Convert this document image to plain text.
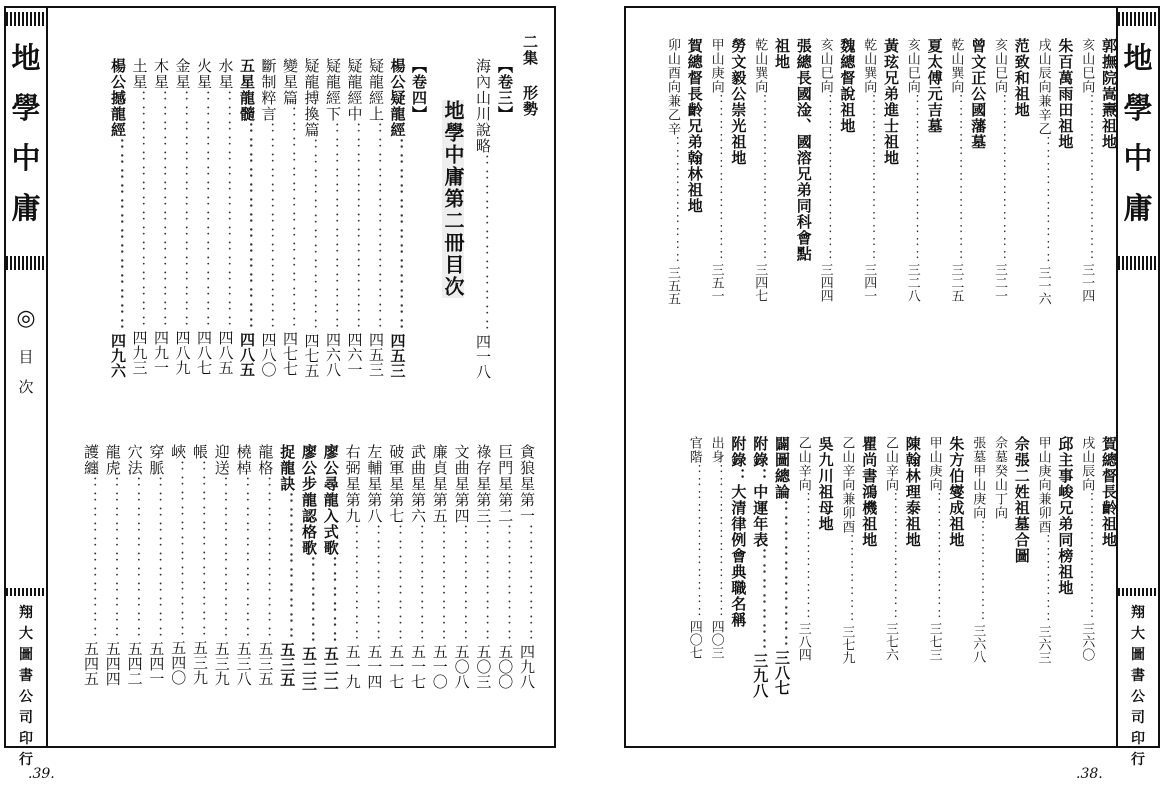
地
學
中
庸
◎
目
次
翔
大
圖
書
公
司
印
行
二集 形勢
地學中庸第二冊目次
【卷三】
海內山川說略：：：：：：：：：：：：四一八
【卷四】
楊公疑龍經：：：：：：：：：：：：：四五三
疑龍經上：：：：：：：：：：：：：：四五三
疑龍經中：：：：：：：：：：：：：：四六一
疑龍經下：：：：：：：：：：：：：：四六八
疑龍搏換篇：：：：：：：：：：：：：四七五
變星篇：：：：：：：：：：：：：：：四七七
斷制粹言：：：：：：：：：：：：：：四八〇
五星龍髓：：：：：：：：：：：：：：四八五
水星：：：：：：：：：：：：：：：：四八五
火星：：：：：：：：：：：：：：：：四八七
金星：：：：：：：：：：：：：：：：四八九
木星：：：：：：：：：：：：：：：：四九一
土星：：：：：：：：：：：：：：：：四九三
楊公撼龍經：：：：：：：：：：：：：四九六
貪狼星第一：：：：：：：：四九八
巨門星第二：：：：：：：：五〇〇
祿存星第三：：：：：：：：五〇三
文曲星第四：：：：：：：：五〇八
廉貞星第五：：：：：：：：五一〇
武曲星第六：：：：：：：：五一七
破軍星第七：：：：：：：：五一七
左輔星第八：：：：：：：：五一四
右弼星第九：：：：：：：：五一九
廖公尋龍入式歌：：：：：：五二二
廖公步龍認格歌：：：：：：五二三
捉龍訣：：：：：：：：：：五三五
龍格：：：：：：：：：：：五三五
橈棹：：：：：：：：：：：五三八
迎送：：：：：：：：：：：五三九
帳：：：：：：：：：：：：五三九
峽：：：：：：：：：：：：五四〇
穿脈：：：：：：：：：：：五四一
穴法：：：：：：：：：：：五四二
龍虎：：：：：：：：：：：五四四
護纏：：：：：：：：：：：五四五
.39.
地
學
中
庸
翔
大
圖
書
公
司
印
行
郭撫院嵩燾祖地
亥山巳向：：：：：：：：：：：：：三一四
朱百萬雨田祖地
戌山辰向兼辛乙：：：：：：：：：：三一六
范致和祖地
亥山巳向：：：：：：：：：：：：：三二一
曾文正公國藩墓
乾山巽向：：：：：：：：：：：：：三二五
夏太傅元吉墓
亥山巳向：：：：：：：：：：：：：三二八
黃玹兄弟進士祖地
乾山巽向：：：：：：：：：：：：：三四一
魏總督說祖地
亥山巳向：：：：：：：：：：：：：三四四
張總長國淦、國溶兄弟同科會點
祖地
乾山巽向：：：：：：：：：：：：：三四七
勞文毅公崇光祖地
甲山庚向：：：：：：：：：：：：：三五一
賀總督長齡兄弟翰林祖地
卯山酉向兼乙辛：：：：：：：：：：三五五
賀總督長齡祖地
戌山辰向：：：：：：：：：：三六〇
邱主事峻兄弟同榜祖地
甲山庚向兼卯酉：：：：：：：三六三
佘張二姓祖墓合圖
佘墓癸山丁向
張墓甲山庚向：：：：：：：：三六八
朱方伯燮成祖地
甲山庚向：：：：：：：：：：三七三
陳翰林理泰祖地
乙山辛向：：：：：：：：：：三七六
瞿尚書鴻機祖地
乙山辛向兼卯酉：：：：：：：三七九
吳九川祖母地
乙山辛向：：：：：：：：：：三八四
闢圖總論：：：：：：：：：：三八七
附錄：中運年表：：：：：：：三九八
附錄：大清律例會典職名稱
出身：：：：：：：：：：：：四〇三
官階：：：：：：：：：：：：四〇七
.38.
